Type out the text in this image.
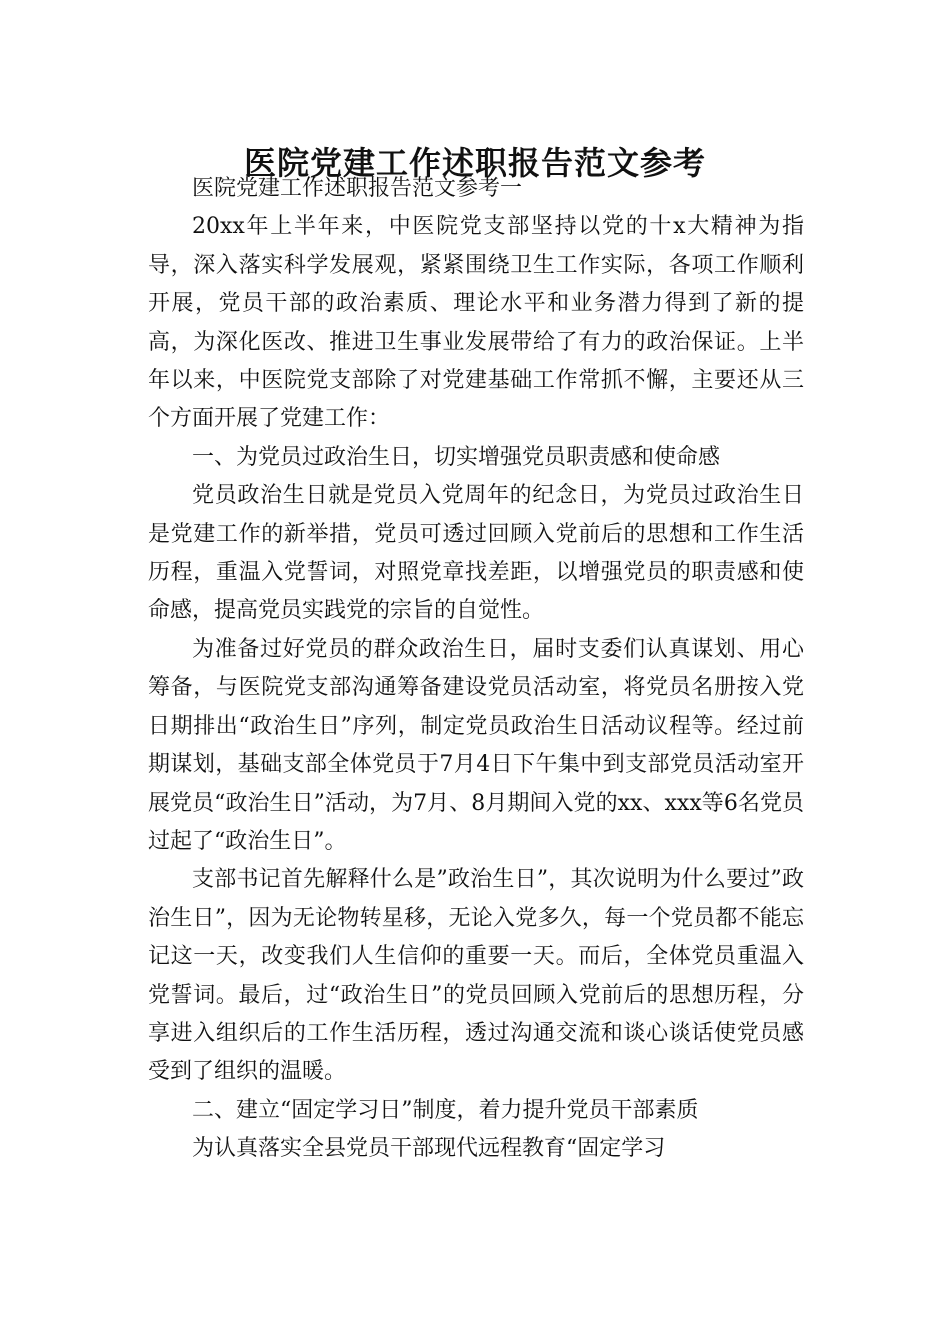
医院党建工作述职报告范文参考

医院党建工作述职报告范文参考一

20xx年上半年来，中医院党支部坚持以党的十x大精神为指导，深入落实科学发展观，紧紧围绕卫生工作实际，各项工作顺利开展，党员干部的政治素质、理论水平和业务潜力得到了新的提高，为深化医改、推进卫生事业发展带给了有力的政治保证。上半年以来，中医院党支部除了对党建基础工作常抓不懈，主要还从三个方面开展了党建工作：

一、为党员过政治生日，切实增强党员职责感和使命感

党员政治生日就是党员入党周年的纪念日，为党员过政治生日是党建工作的新举措，党员可透过回顾入党前后的思想和工作生活历程，重温入党誓词，对照党章找差距，以增强党员的职责感和使命感，提高党员实践党的宗旨的自觉性。

为准备过好党员的群众政治生日，届时支委们认真谋划、用心筹备，与医院党支部沟通筹备建设党员活动室，将党员名册按入党日期排出“政治生日”序列，制定党员政治生日活动议程等。经过前期谋划，基础支部全体党员于7月4日下午集中到支部党员活动室开展党员“政治生日”活动，为7月、8月期间入党的xx、xxx等6名党员过起了“政治生日”。

支部书记首先解释什么是”政治生日”，其次说明为什么要过”政治生日”，因为无论物转星移，无论入党多久，每一个党员都不能忘记这一天，改变我们人生信仰的重要一天。而后，全体党员重温入党誓词。最后，过“政治生日”的党员回顾入党前后的思想历程，分享进入组织后的工作生活历程，透过沟通交流和谈心谈话使党员感受到了组织的温暖。

二、建立“固定学习日”制度，着力提升党员干部素质

为认真落实全县党员干部现代远程教育“固定学习
